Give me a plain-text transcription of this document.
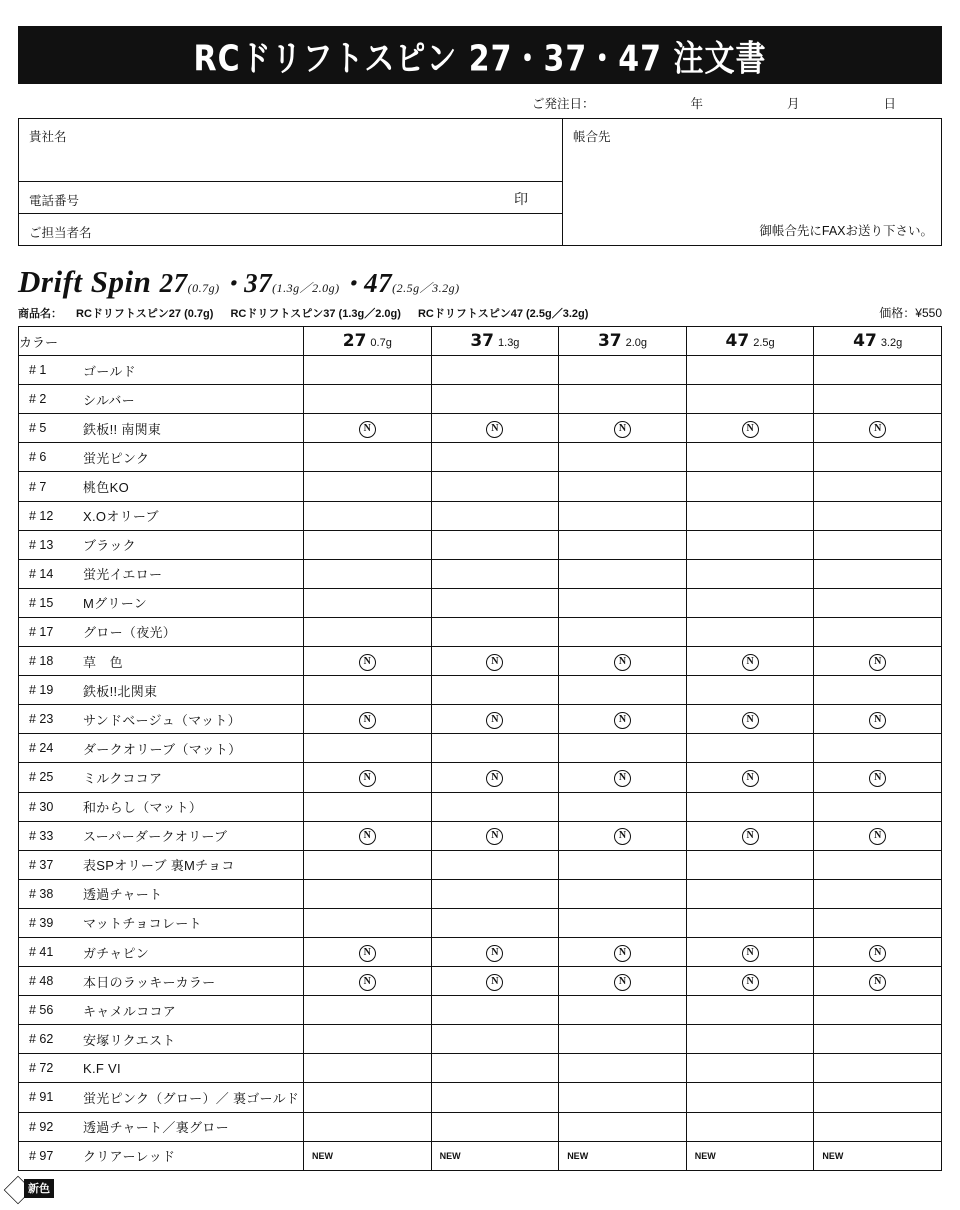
RCドリフトスピン 27・37・47 注文書
ご発注日：	年	月	日
貴社名
電話番号	印
ご担当者名
帳合先
御帳合先にFAXお送り下さい。
Drift Spin 27(0.7g)・37(1.3g／2.0g)・47(2.5g／3.2g)
商品名： RCドリフトスピン27 (0.7g) RCドリフトスピン37 (1.3g／2.0g) RCドリフトスピン47 (2.5g／3.2g)	価格：¥550
カラー	27 0.7g	37 1.3g	37 2.0g	47 2.5g	47 3.2g

# 1 ゴールド					

# 2 シルバー					

# 5 鉄板!! 南関東	N	N	N	N	N

# 6 蛍光ピンク					

# 7 桃色KO					

# 12 X.Oオリーブ					

# 13 ブラック					

# 14 蛍光イエロー					

# 15 Mグリーン					

# 17 グロー（夜光）					

# 18 草　色	N	N	N	N	N

# 19 鉄板!!北関東					

# 23 サンドベージュ（マット）	N	N	N	N	N

# 24 ダークオリーブ（マット）					

# 25 ミルクココア	N	N	N	N	N

# 30 和からし（マット）					

# 33 スーパーダークオリーブ	N	N	N	N	N

# 37 表SPオリーブ 裏Mチョコ					

# 38 透過チャート					

# 39 マットチョコレート					

# 41 ガチャピン	N	N	N	N	N

# 48 本日のラッキーカラー	N	N	N	N	N

# 56 キャメルココア					

# 62 安塚リクエスト					

# 72 K.F VI					

# 91 蛍光ピンク（グロー）／ 裏ゴールド					

# 92 透過チャート／裏グロー					

# 97 クリアーレッド	NEW	NEW	NEW	NEW	NEW
新色
